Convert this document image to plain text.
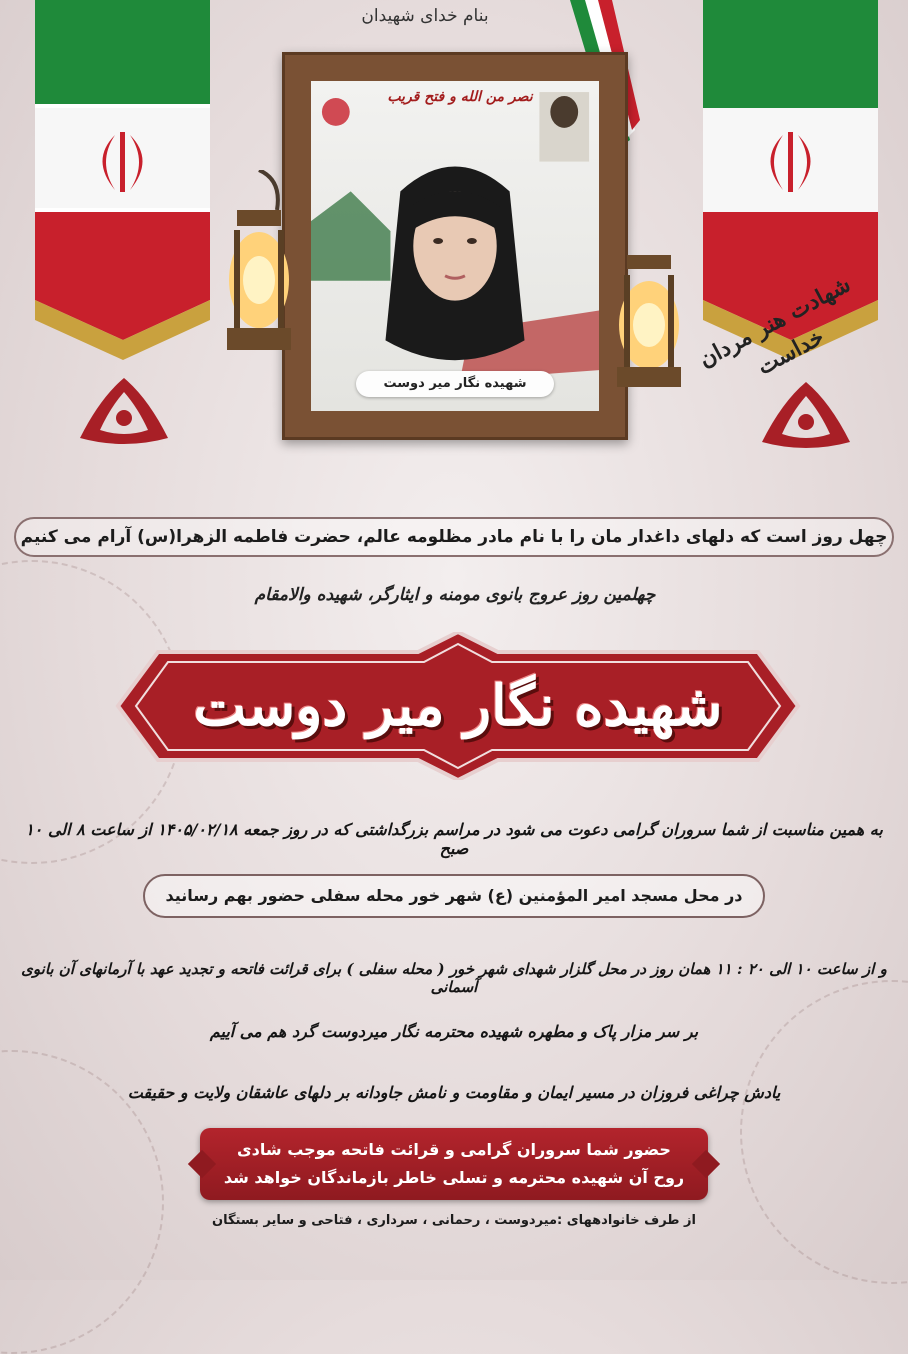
بنام خدای شهیدان
نصر من الله و فتح قریب
شهیده نگار میر دوست
شهادت هنر مردان خداست
چهل روز است که دلهای داغدار مان را با نام مادر مظلومه عالم، حضرت فاطمه الزهرا(س) آرام می کنیم
چهلمین روز عروج بانوی مومنه و ایثارگر، شهیده والامقام
شهیده نگار میر دوست
به همین مناسبت از شما سروران گرامی دعوت می شود در مراسم بزرگداشتی که در روز جمعه ۱۴۰۵/۰۲/۱۸ از ساعت ۸ الی ۱۰ صبح
در محل مسجد امیر المؤمنین (ع) شهر خور محله سفلی حضور بهم رسانید
و از ساعت ۱۰ الی ۲۰ : ۱۱ همان روز در محل گلزار شهدای شهر خور ( محله سفلی ) برای قرائت فاتحه و تجدید عهد با آرمانهای آن بانوی آسمانی
بر سر مزار پاک و مطهره شهیده محترمه نگار میردوست گرد هم می آییم
یادش چراغی فروزان در مسیر ایمان و مقاومت و نامش جاودانه بر دلهای عاشقان ولایت و حقیقت
حضور شما سروران گرامی و قرائت فاتحه موجب شادی
روح آن شهیده محترمه و تسلی خاطر بازماندگان خواهد شد
از طرف خانوادههای :میردوست ، رحمانی ، سرداری ، فتاحی و سایر بستگان
